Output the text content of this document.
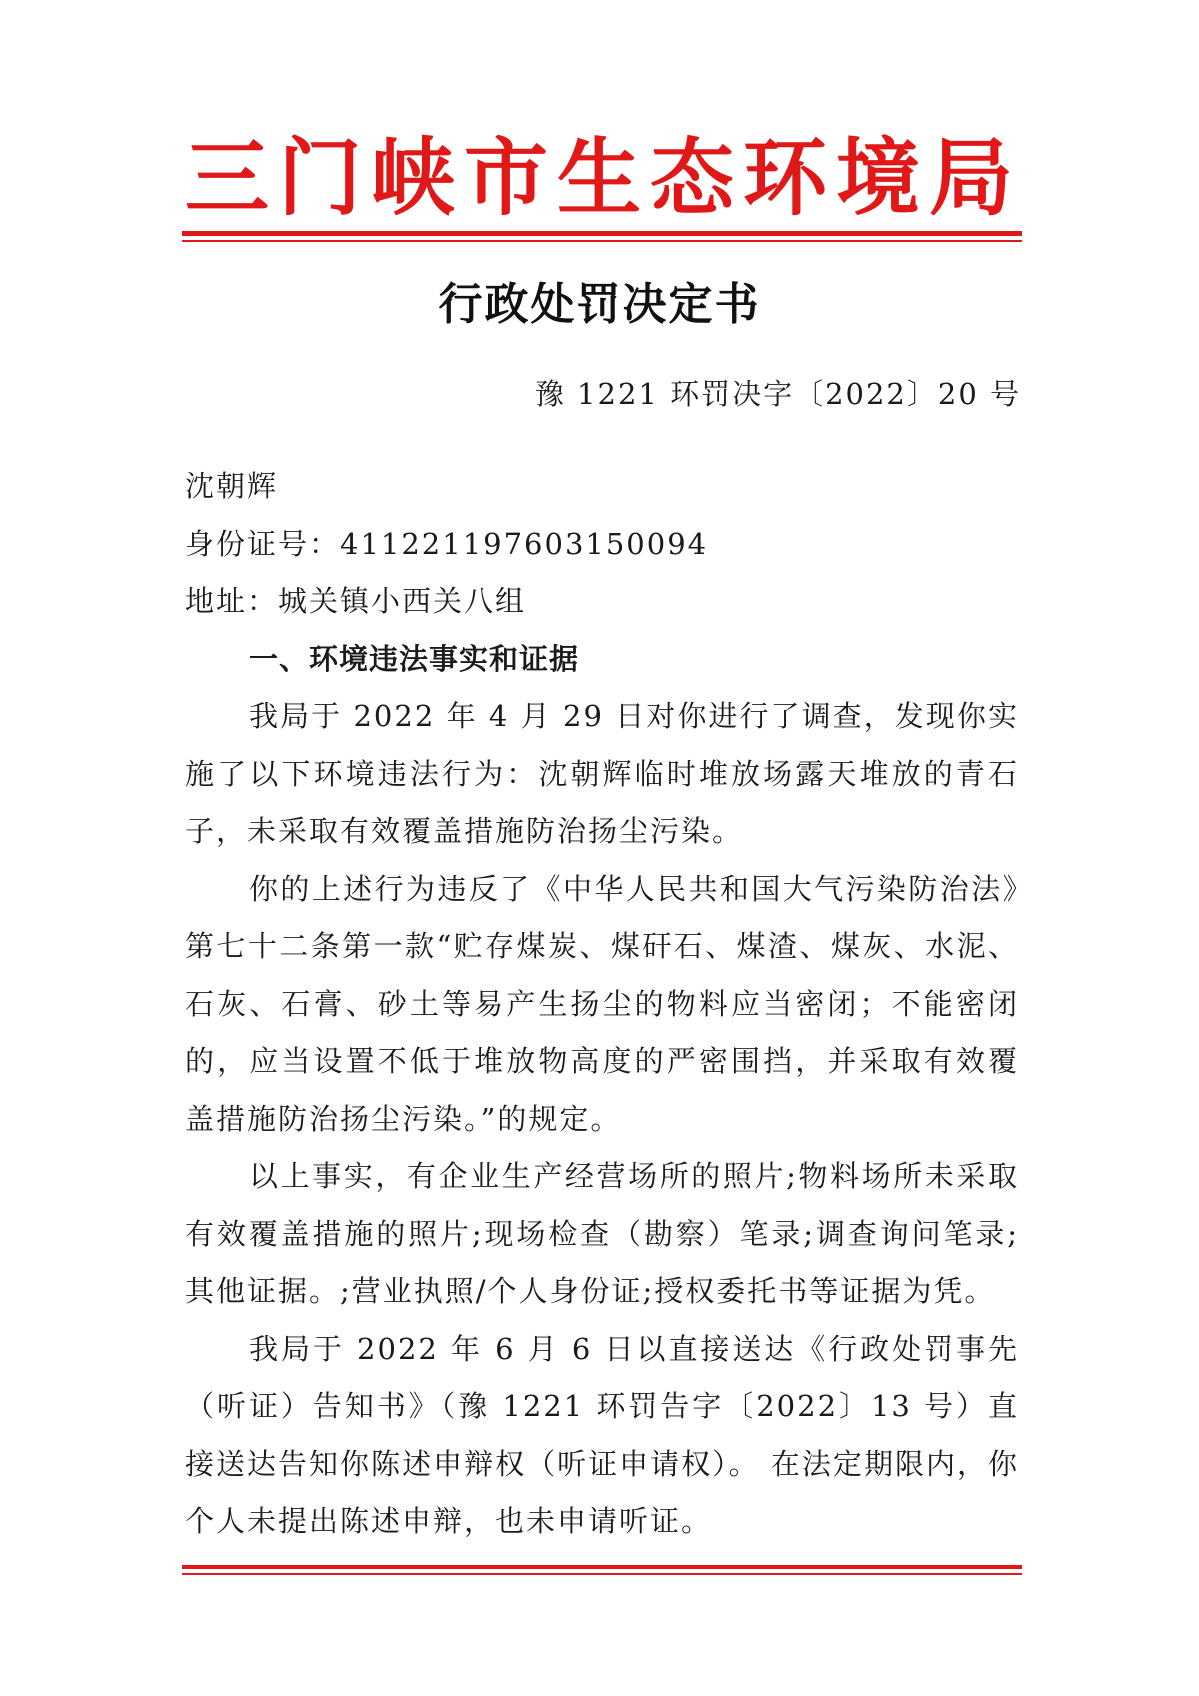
三门峡市生态环境局
行政处罚决定书

豫 1221 环罚决字〔2022〕20 号

沈朝辉

身份证号：411221197603150094

地址：城关镇小西关八组

一、环境违法事实和证据

我局于 2022 年 4 月 29 日对你进行了调查，发现你实施了以下环境违法行为：沈朝辉临时堆放场露天堆放的青石子，未采取有效覆盖措施防治扬尘污染。

你的上述行为违反了《中华人民共和国大气污染防治法》第七十二条第一款“贮存煤炭、煤矸石、煤渣、煤灰、水泥、石灰、石膏、砂土等易产生扬尘的物料应当密闭；不能密闭的，应当设置不低于堆放物高度的严密围挡，并采取有效覆盖措施防治扬尘污染。”的规定。

以上事实，有企业生产经营场所的照片;物料场所未采取有效覆盖措施的照片;现场检查（勘察）笔录;调查询问笔录;其他证据。;营业执照/个人身份证;授权委托书等证据为凭。

我局于 2022 年 6 月 6 日以直接送达《行政处罚事先（听证）告知书》（豫 1221 环罚告字〔2022〕13 号）直接送达告知你陈述申辩权（听证申请权）。 在法定期限内，你个人未提出陈述申辩，也未申请听证。
